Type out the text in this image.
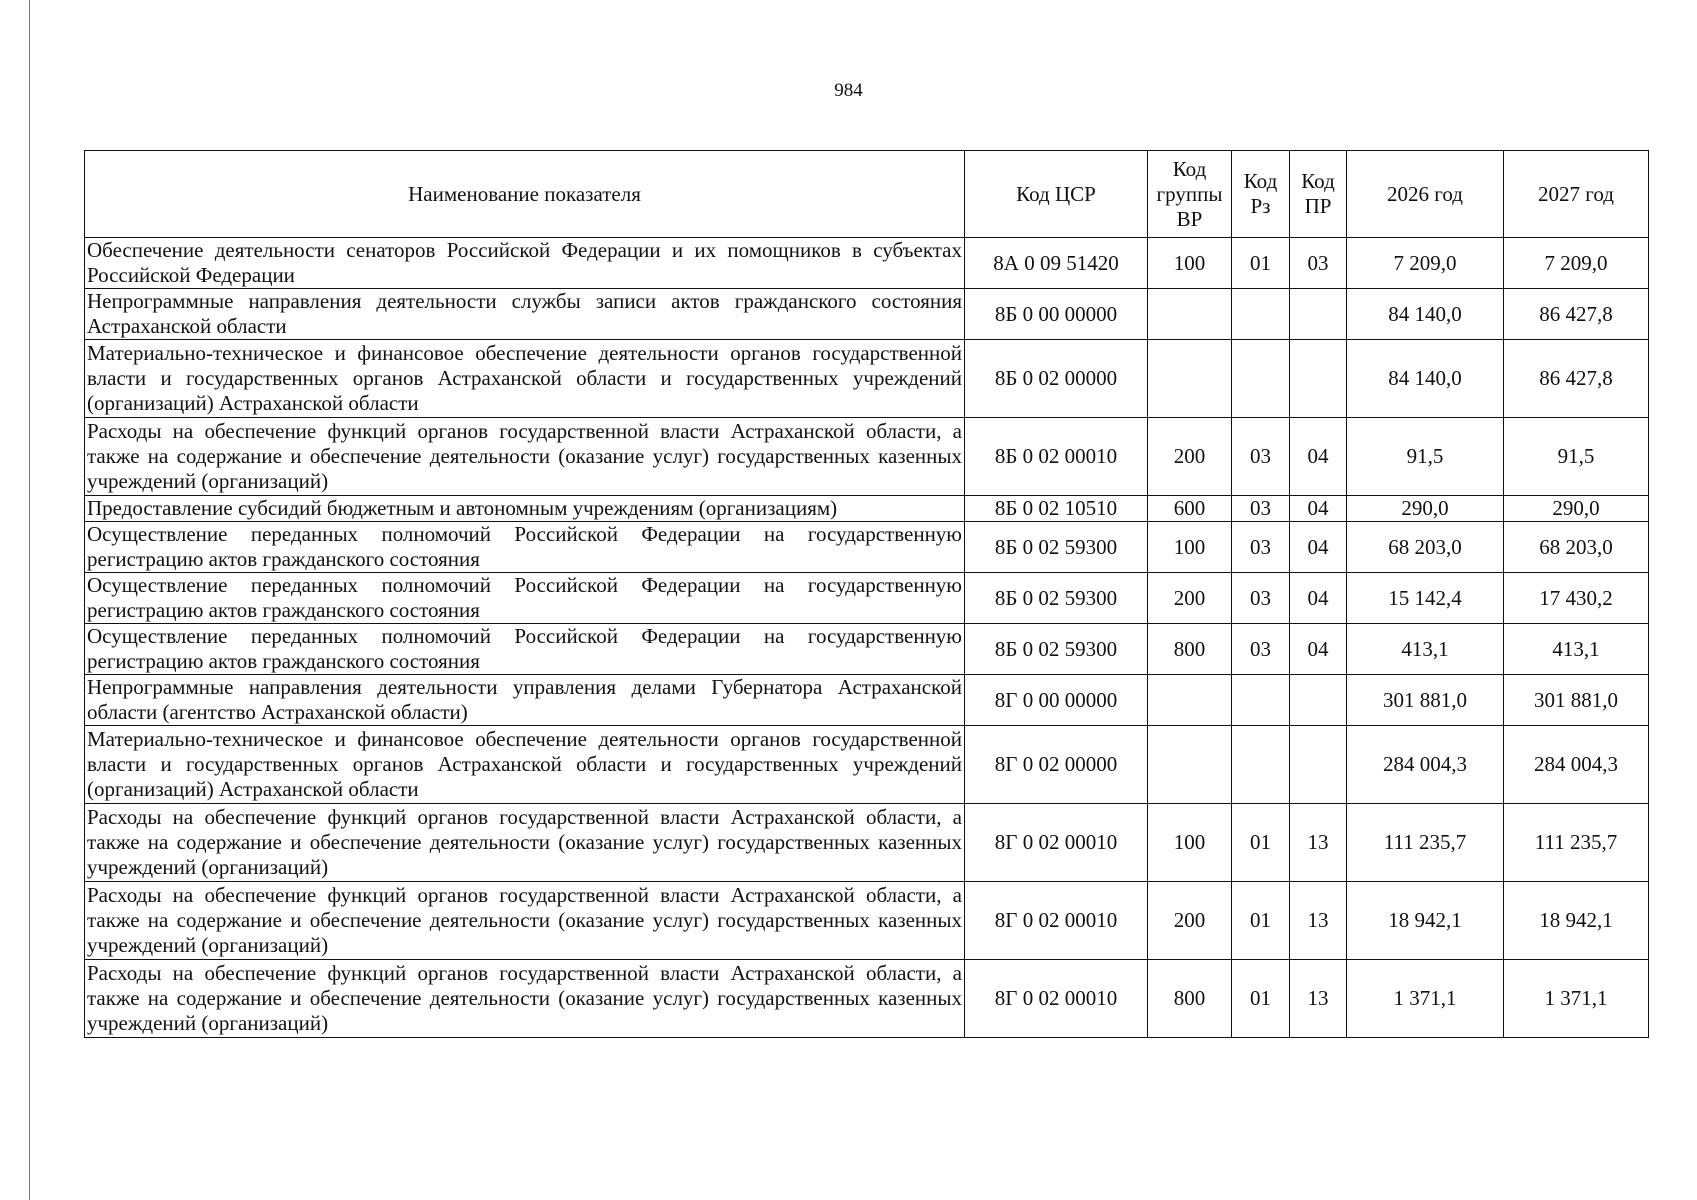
984
Наименование показателя	Код ЦСР	Код группы ВР	Код Рз	Код ПР	2026 год	2027 год
Обеспечение деятельности сенаторов Российской Федерации и их помощников в субъектах Российской Федерации	8А 0 09 51420	100	01	03	7 209,0	7 209,0
Непрограммные направления деятельности службы записи актов гражданского состояния Астраханской области	8Б 0 00 00000				84 140,0	86 427,8
Материально-техническое и финансовое обеспечение деятельности органов государственной власти и государственных органов Астраханской области и государственных учреждений (организаций) Астраханской области	8Б 0 02 00000				84 140,0	86 427,8
Расходы на обеспечение функций органов государственной власти Астраханской области, а также на содержание и обеспечение деятельности (оказание услуг) государственных казенных учреждений (организаций)	8Б 0 02 00010	200	03	04	91,5	91,5
Предоставление субсидий бюджетным и автономным учреждениям (организациям)	8Б 0 02 10510	600	03	04	290,0	290,0
Осуществление переданных полномочий Российской Федерации на государственную регистрацию актов гражданского состояния	8Б 0 02 59300	100	03	04	68 203,0	68 203,0
Осуществление переданных полномочий Российской Федерации на государственную регистрацию актов гражданского состояния	8Б 0 02 59300	200	03	04	15 142,4	17 430,2
Осуществление переданных полномочий Российской Федерации на государственную регистрацию актов гражданского состояния	8Б 0 02 59300	800	03	04	413,1	413,1
Непрограммные направления деятельности управления делами Губернатора Астраханской области (агентство Астраханской области)	8Г 0 00 00000				301 881,0	301 881,0
Материально-техническое и финансовое обеспечение деятельности органов государственной власти и государственных органов Астраханской области и государственных учреждений (организаций) Астраханской области	8Г 0 02 00000				284 004,3	284 004,3
Расходы на обеспечение функций органов государственной власти Астраханской области, а также на содержание и обеспечение деятельности (оказание услуг) государственных казенных учреждений (организаций)	8Г 0 02 00010	100	01	13	111 235,7	111 235,7
Расходы на обеспечение функций органов государственной власти Астраханской области, а также на содержание и обеспечение деятельности (оказание услуг) государственных казенных учреждений (организаций)	8Г 0 02 00010	200	01	13	18 942,1	18 942,1
Расходы на обеспечение функций органов государственной власти Астраханской области, а также на содержание и обеспечение деятельности (оказание услуг) государственных казенных учреждений (организаций)	8Г 0 02 00010	800	01	13	1 371,1	1 371,1
